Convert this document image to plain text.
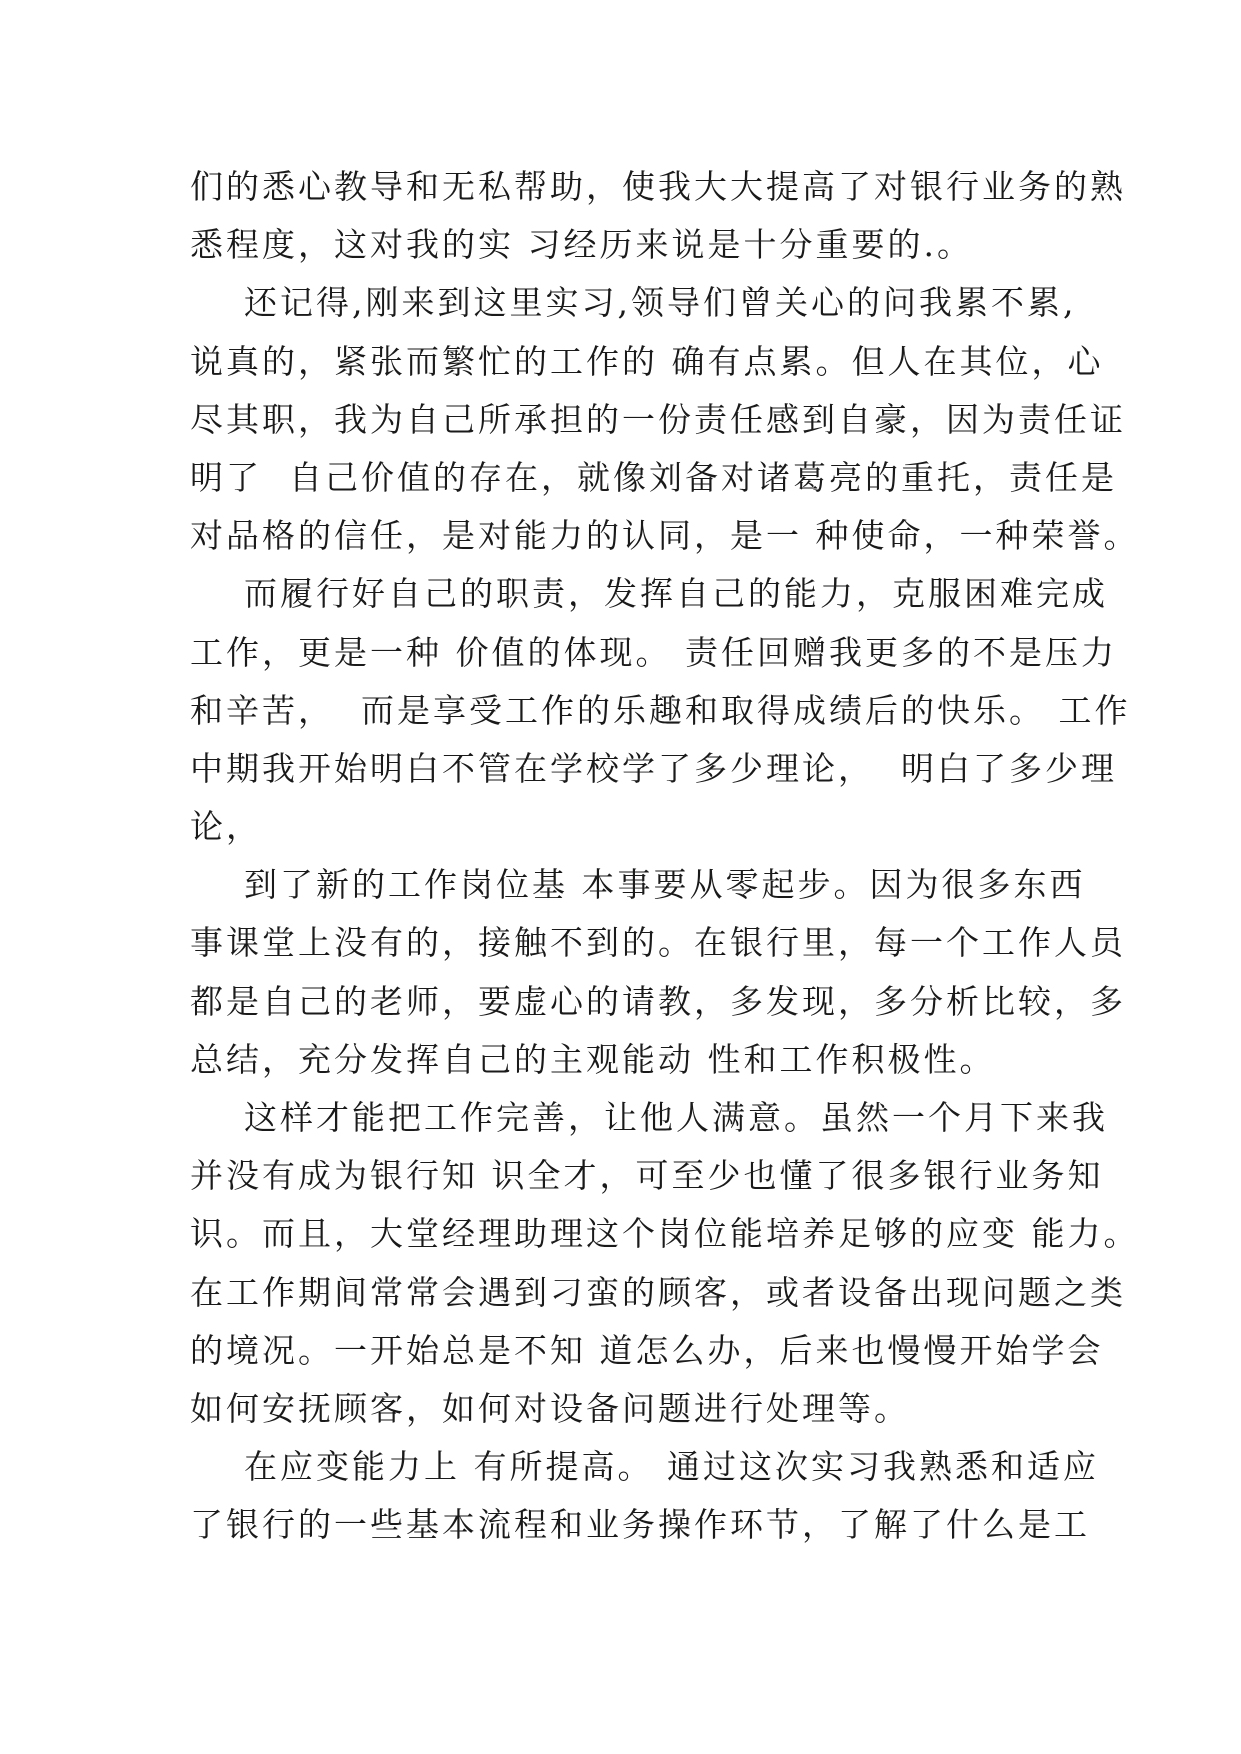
们的悉心教导和无私帮助，使我大大提高了对银行业务的熟
悉程度，这对我的实 习经历来说是十分重要的.。
还记得,刚来到这里实习,领导们曾关心的问我累不累,
说真的，紧张而繁忙的工作的 确有点累。但人在其位，心
尽其职，我为自己所承担的一份责任感到自豪，因为责任证
明了  自己价值的存在，就像刘备对诸葛亮的重托，责任是
对品格的信任，是对能力的认同，是一 种使命，一种荣誉。
而履行好自己的职责，发挥自己的能力，克服困难完成
工作，更是一种 价值的体现。 责任回赠我更多的不是压力
和辛苦，  而是享受工作的乐趣和取得成绩后的快乐。 工作
中期我开始明白不管在学校学了多少理论，  明白了多少理
论，
到了新的工作岗位基 本事要从零起步。因为很多东西
事课堂上没有的，接触不到的。在银行里，每一个工作人员
都是自己的老师，要虚心的请教，多发现，多分析比较，多
总结，充分发挥自己的主观能动 性和工作积极性。
这样才能把工作完善，让他人满意。虽然一个月下来我
并没有成为银行知 识全才，可至少也懂了很多银行业务知
识。而且，大堂经理助理这个岗位能培养足够的应变 能力。
在工作期间常常会遇到刁蛮的顾客，或者设备出现问题之类
的境况。一开始总是不知 道怎么办，后来也慢慢开始学会
如何安抚顾客，如何对设备问题进行处理等。
在应变能力上 有所提高。 通过这次实习我熟悉和适应
了银行的一些基本流程和业务操作环节，了解了什么是工
